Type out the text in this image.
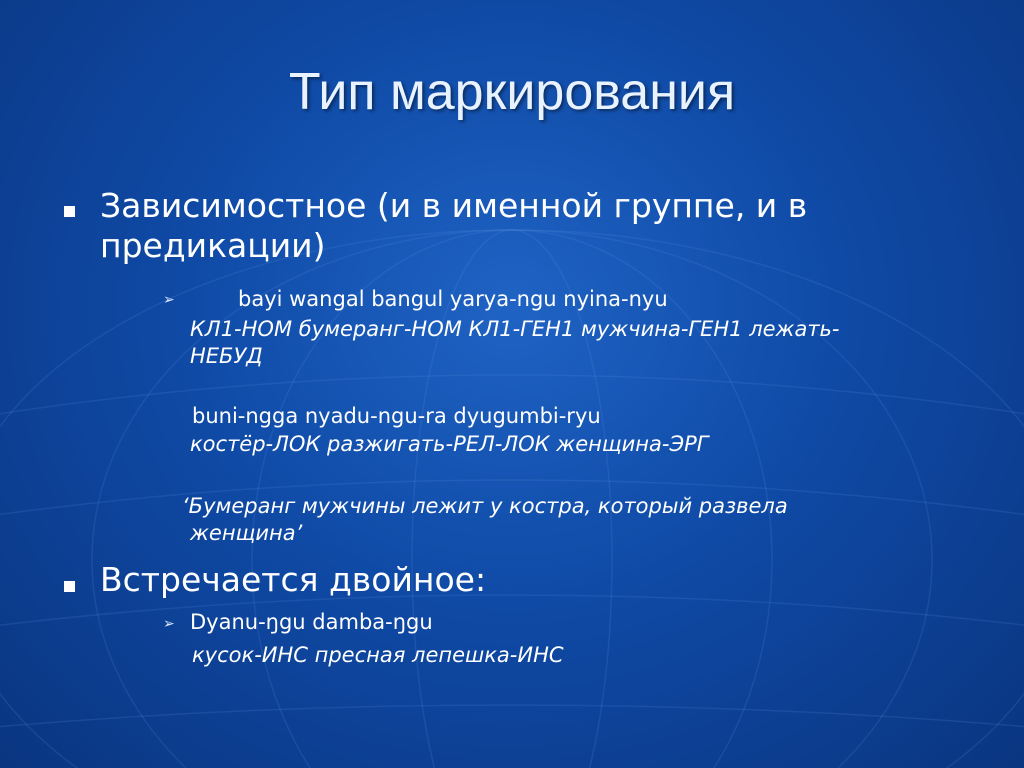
Тип маркирования
Зависимостное (и в именной группе, и в
предикации)
➢	bayi wangal bangul yarya-ngu nyina-nyu
КЛ1-НОМ бумеранг-НОМ КЛ1-ГЕН1 мужчина-ГЕН1 лежать-
НЕБУД
buni-ngga nyadu-ngu-ra dyugumbi-ryu
костёр-ЛОК разжигать-РЕЛ-ЛОК женщина-ЭРГ
‘Бумеранг мужчины лежит у костра, который развела
женщина’
Встречается двойное:
➢ Dyanu-ŋgu damba-ŋgu
кусок-ИНС пресная лепешка-ИНС
